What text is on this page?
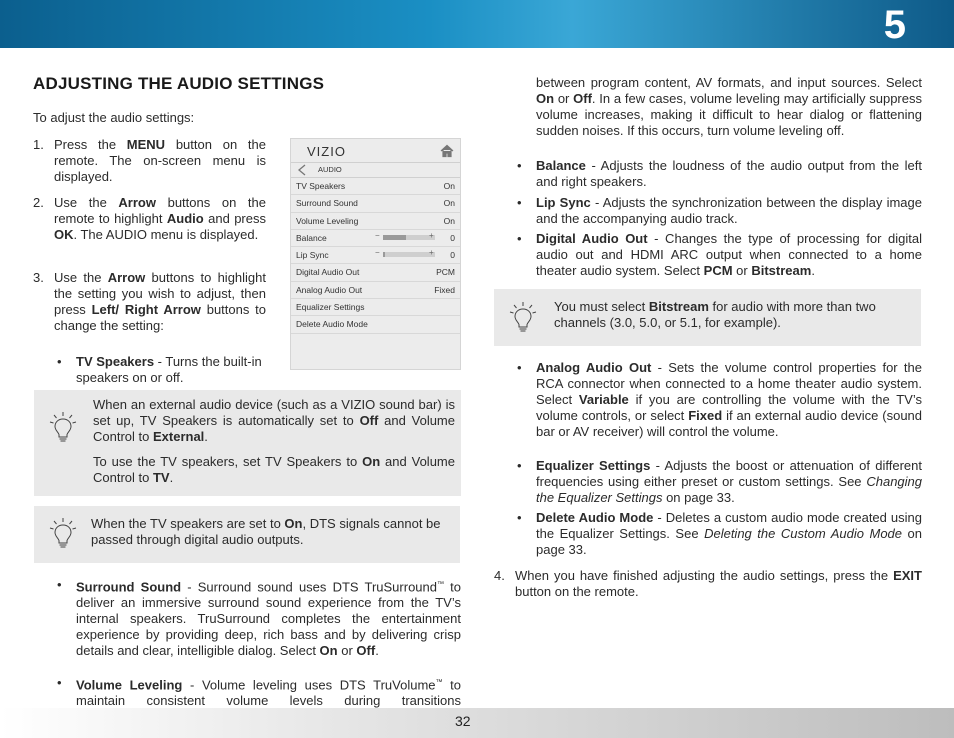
5
32
ADJUSTING THE AUDIO SETTINGS

To adjust the audio settings:

1. Press the MENU button on the remote. The on-screen menu is displayed.

2. Use the Arrow buttons on the remote to highlight Audio and press OK. The AUDIO menu is displayed.

3. Use the Arrow buttons to highlight the setting you wish to adjust, then press Left/ Right Arrow buttons to change the setting:

• TV Speakers - Turns the built-in speakers on or off.

VIZIO
AUDIO
TV Speakers	On
Surround Sound	On
Volume Leveling	On
Balance	−	+ 0
Lip Sync	−	+ 0
Digital Audio Out	PCM
Analog Audio Out	Fixed
Equalizer Settings
Delete Audio Mode

When an external audio device (such as a VIZIO sound bar) is set up, TV Speakers is automatically set to Off and Volume Control to External.

To use the TV speakers, set TV Speakers to On and Volume Control to TV.

When the TV speakers are set to On, DTS signals cannot be passed through digital audio outputs.

• Surround Sound - Surround sound uses DTS TruSurround™ to deliver an immersive surround sound experience from the TV’s internal speakers. TruSurround completes the entertainment experience by providing deep, rich bass and by delivering crisp details and clear, intelligible dialog. Select On or Off.

• Volume Leveling - Volume leveling uses DTS TruVolume™ to maintain consistent volume levels during transitions

between program content, AV formats, and input sources. Select On or Off. In a few cases, volume leveling may artificially suppress volume increases, making it difficult to hear dialog or flattening sudden noises. If this occurs, turn volume leveling off.

• Balance - Adjusts the loudness of the audio output from the left and right speakers.

• Lip Sync - Adjusts the synchronization between the display image and the accompanying audio track.

• Digital Audio Out - Changes the type of processing for digital audio out and HDMI ARC output when connected to a home theater audio system. Select PCM or Bitstream.

You must select Bitstream for audio with more than two channels (3.0, 5.0, or 5.1, for example).

• Analog Audio Out - Sets the volume control properties for the RCA connector when connected to a home theater audio system. Select Variable if you are controlling the volume with the TV’s volume controls, or select Fixed if an external audio device (sound bar or AV receiver) will control the volume.

• Equalizer Settings - Adjusts the boost or attenuation of different frequencies using either preset or custom settings. See Changing the Equalizer Settings on page 33.

• Delete Audio Mode - Deletes a custom audio mode created using the Equalizer Settings. See Deleting the Custom Audio Mode on page 33.

4. When you have finished adjusting the audio settings, press the EXIT button on the remote.
